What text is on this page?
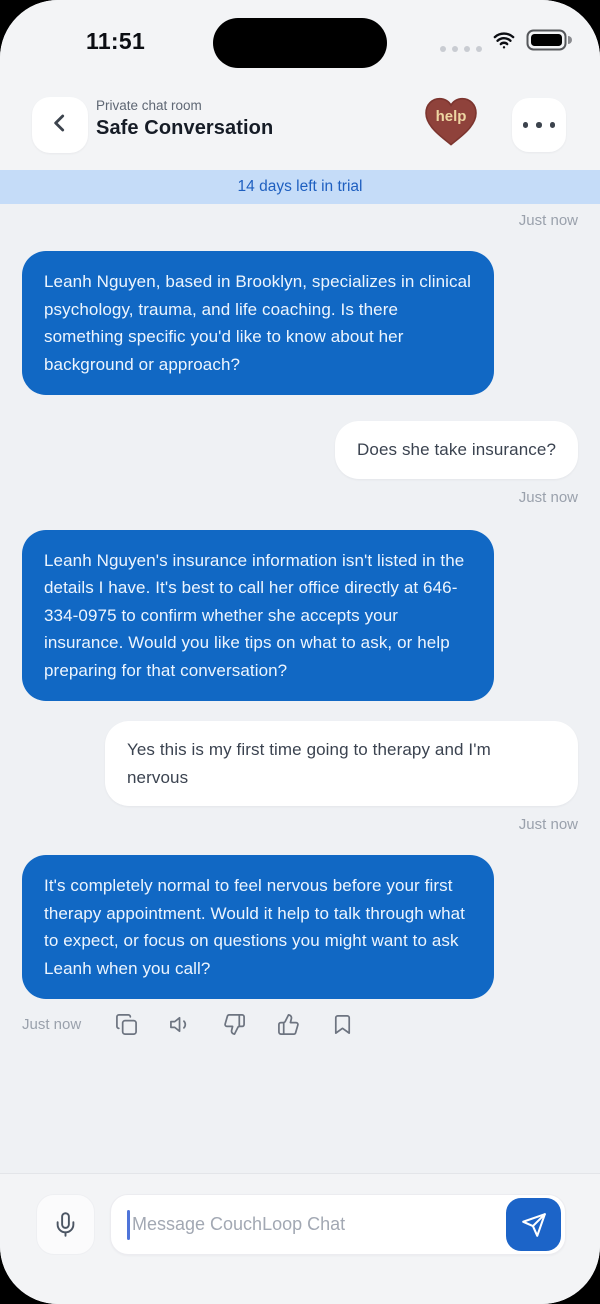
11:51
Private chat room
Safe Conversation
help
14 days left in trial
Just now
Leanh Nguyen, based in Brooklyn, specializes in clinical psychology, trauma, and life coaching. Is there something specific you'd like to know about her background or approach?
Does she take insurance?
Just now
Leanh Nguyen's insurance information isn't listed in the details I have. It's best to call her office directly at 646-334-0975 to confirm whether she accepts your insurance. Would you like tips on what to ask, or help preparing for that conversation?
Yes this is my first time going to therapy and I'm nervous
Just now
It's completely normal to feel nervous before your first therapy appointment. Would it help to talk through what to expect, or focus on questions you might want to ask Leanh when you call?
Just now
Message CouchLoop Chat
